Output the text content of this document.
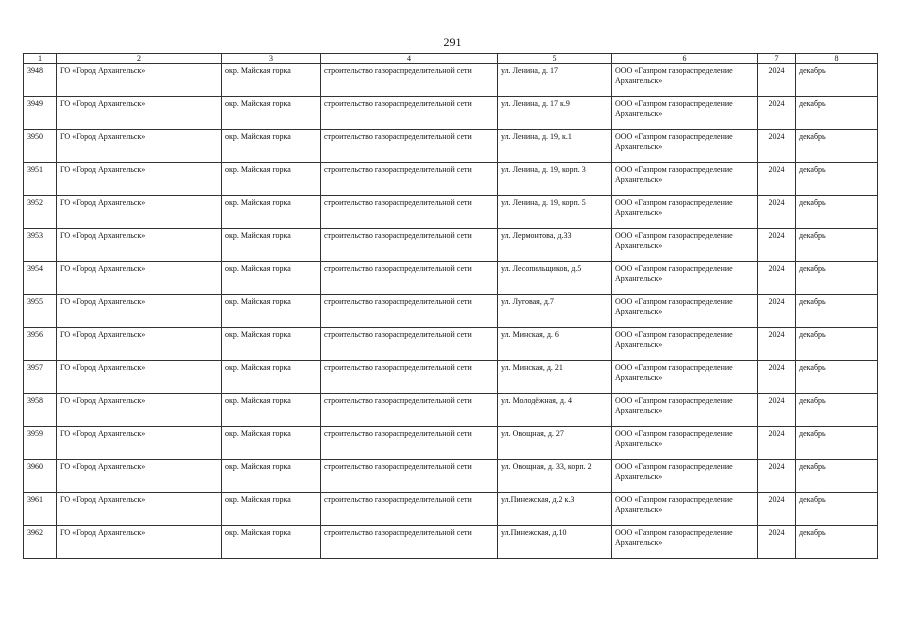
291
1	2	3	4	5	6	7	8
3948	ГО «Город Архангельск»	окр. Майская горка	строительство газораспределительной сети	ул. Ленина, д. 17	ООО «Газпром газораспределение Архангельск»	2024	декабрь
3949	ГО «Город Архангельск»	окр. Майская горка	строительство газораспределительной сети	ул. Ленина, д. 17 к.9	ООО «Газпром газораспределение Архангельск»	2024	декабрь
3950	ГО «Город Архангельск»	окр. Майская горка	строительство газораспределительной сети	ул. Ленина, д. 19, к.1	ООО «Газпром газораспределение Архангельск»	2024	декабрь
3951	ГО «Город Архангельск»	окр. Майская горка	строительство газораспределительной сети	ул. Ленина, д. 19, корп. 3	ООО «Газпром газораспределение Архангельск»	2024	декабрь
3952	ГО «Город Архангельск»	окр. Майская горка	строительство газораспределительной сети	ул. Ленина, д. 19, корп. 5	ООО «Газпром газораспределение Архангельск»	2024	декабрь
3953	ГО «Город Архангельск»	окр. Майская горка	строительство газораспределительной сети	ул. Лермонтова, д.33	ООО «Газпром газораспределение Архангельск»	2024	декабрь
3954	ГО «Город Архангельск»	окр. Майская горка	строительство газораспределительной сети	ул. Лесопильщиков, д.5	ООО «Газпром газораспределение Архангельск»	2024	декабрь
3955	ГО «Город Архангельск»	окр. Майская горка	строительство газораспределительной сети	ул. Луговая, д.7	ООО «Газпром газораспределение Архангельск»	2024	декабрь
3956	ГО «Город Архангельск»	окр. Майская горка	строительство газораспределительной сети	ул. Минская, д. 6	ООО «Газпром газораспределение Архангельск»	2024	декабрь
3957	ГО «Город Архангельск»	окр. Майская горка	строительство газораспределительной сети	ул. Минская, д. 21	ООО «Газпром газораспределение Архангельск»	2024	декабрь
3958	ГО «Город Архангельск»	окр. Майская горка	строительство газораспределительной сети	ул. Молодёжная, д. 4	ООО «Газпром газораспределение Архангельск»	2024	декабрь
3959	ГО «Город Архангельск»	окр. Майская горка	строительство газораспределительной сети	ул. Овощная, д. 27	ООО «Газпром газораспределение Архангельск»	2024	декабрь
3960	ГО «Город Архангельск»	окр. Майская горка	строительство газораспределительной сети	ул. Овощная, д. 33, корп. 2	ООО «Газпром газораспределение Архангельск»	2024	декабрь
3961	ГО «Город Архангельск»	окр. Майская горка	строительство газораспределительной сети	ул.Пинежская, д.2 к.3	ООО «Газпром газораспределение Архангельск»	2024	декабрь
3962	ГО «Город Архангельск»	окр. Майская горка	строительство газораспределительной сети	ул.Пинежская, д.10	ООО «Газпром газораспределение Архангельск»	2024	декабрь
